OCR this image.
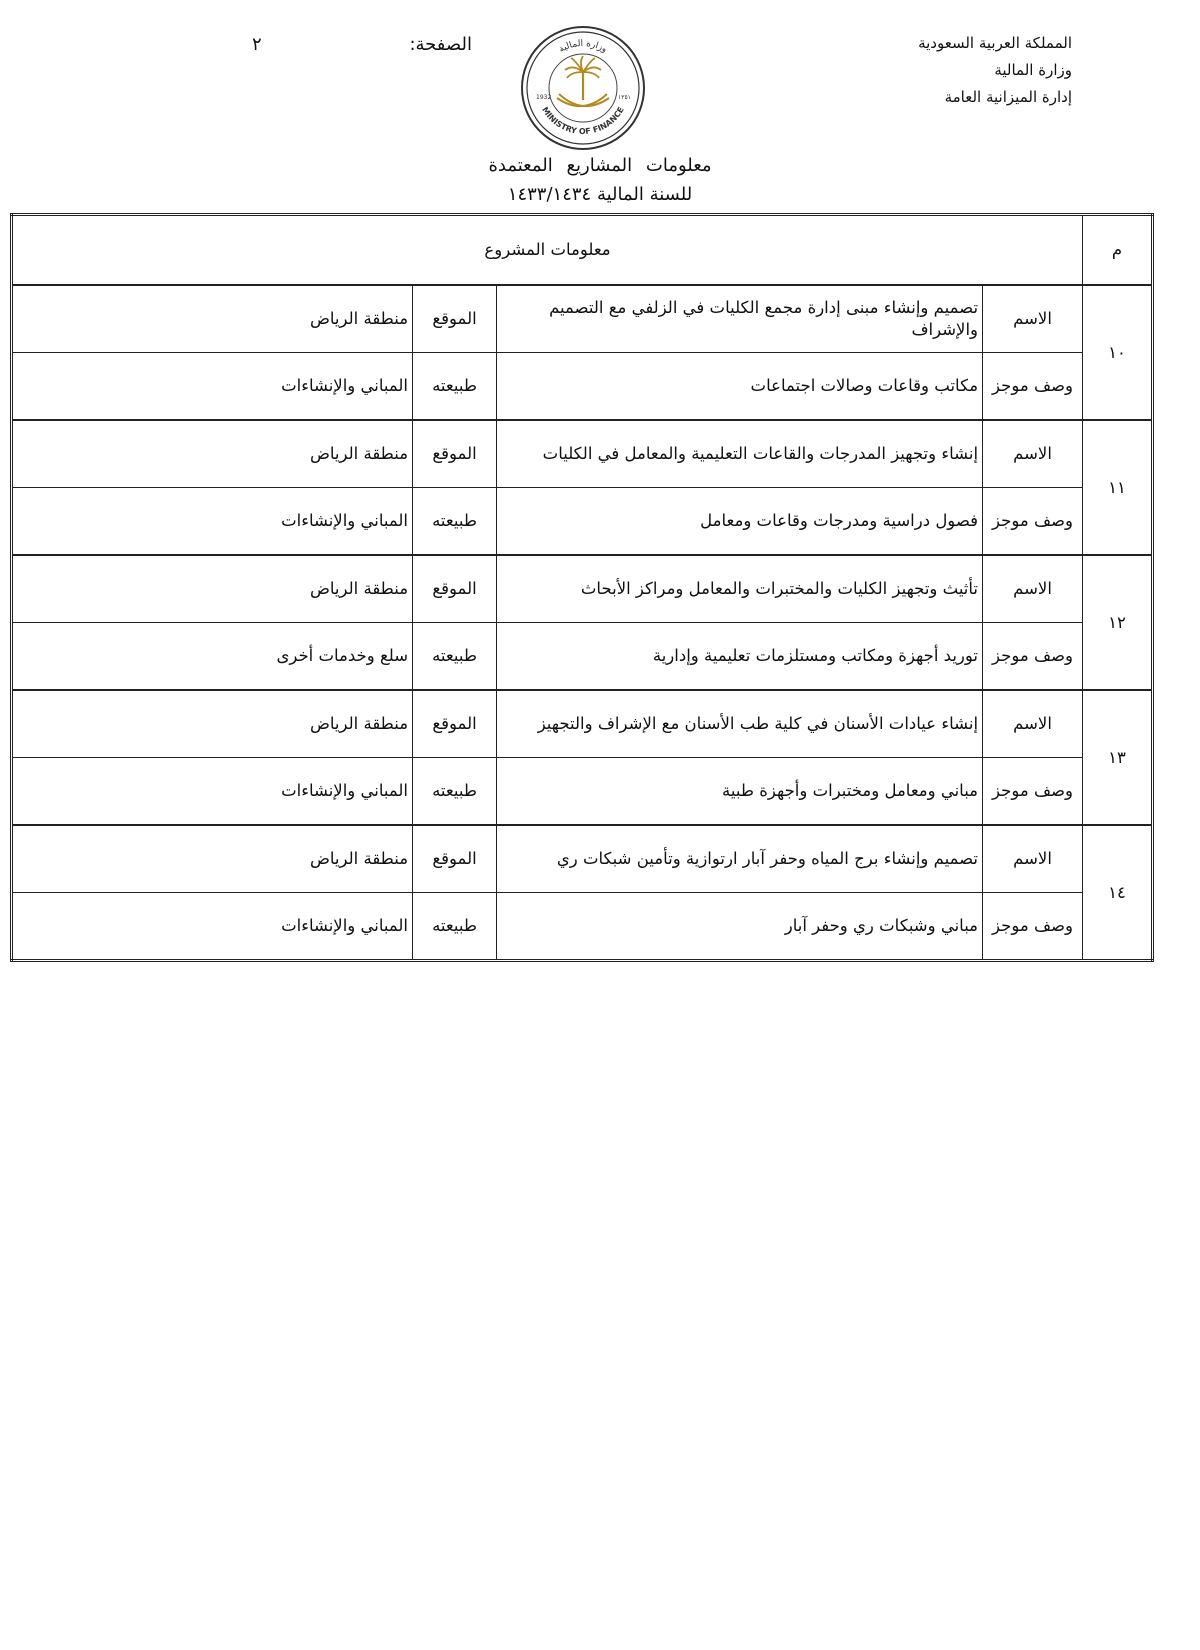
المملكة العربية السعودية
وزارة المالية
إدارة الميزانية العامة
الصفحة:
٢	وزارة المالية
MINISTRY OF FINANCE
1932	١٣٥١
معلومات المشاريع المعتمدة
للسنة المالية ١٤٣٣/١٤٣٤
م	معلومات المشروع			
١٠	الاسم	تصميم وإنشاء مبنى إدارة مجمع الكليات في الزلفي مع التصميم والإشراف	الموقع	منطقة الرياض
	وصف موجز	مكاتب وقاعات وصالات اجتماعات	طبيعته	المباني والإنشاءات
١١	الاسم	إنشاء وتجهيز المدرجات والقاعات التعليمية والمعامل في الكليات	الموقع	منطقة الرياض
	وصف موجز	فصول دراسية ومدرجات وقاعات ومعامل	طبيعته	المباني والإنشاءات
١٢	الاسم	تأثيث وتجهيز الكليات والمختبرات والمعامل ومراكز الأبحاث	الموقع	منطقة الرياض
	وصف موجز	توريد أجهزة ومكاتب ومستلزمات تعليمية وإدارية	طبيعته	سلع وخدمات أخرى
١٣	الاسم	إنشاء عيادات الأسنان في كلية طب الأسنان مع الإشراف والتجهيز	الموقع	منطقة الرياض
	وصف موجز	مباني ومعامل ومختبرات وأجهزة طبية	طبيعته	المباني والإنشاءات
١٤	الاسم	تصميم وإنشاء برج المياه وحفر آبار ارتوازية وتأمين شبكات ري	الموقع	منطقة الرياض
	وصف موجز	مباني وشبكات ري وحفر آبار	طبيعته	المباني والإنشاءات
